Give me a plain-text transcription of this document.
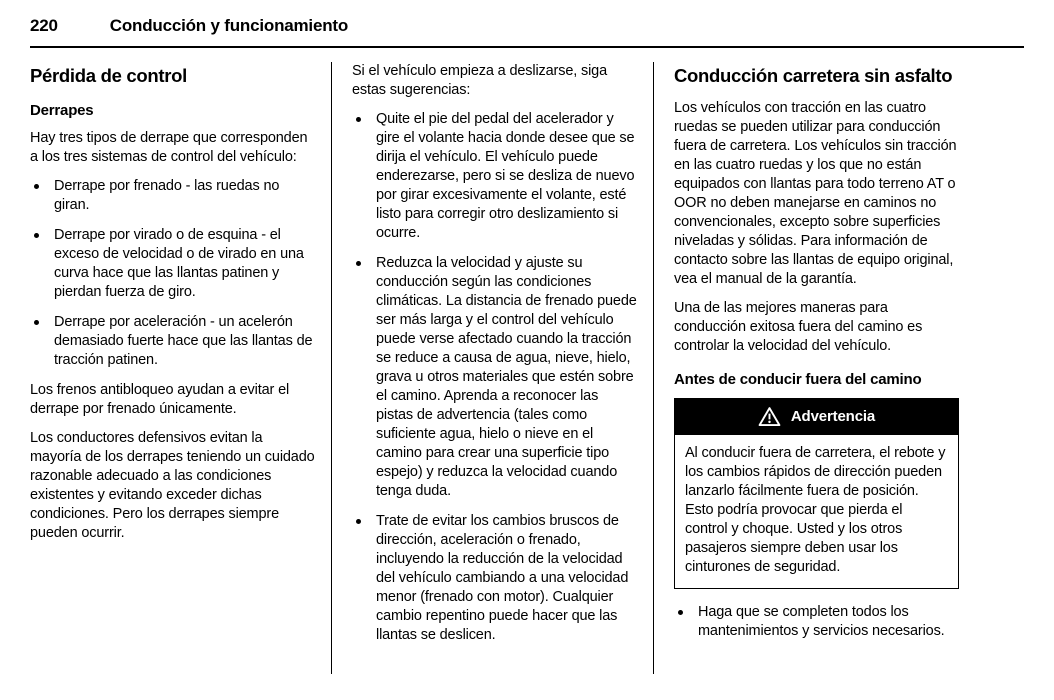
220	Conducción y funcionamiento
Pérdida de control
Derrapes
Hay tres tipos de derrape que corresponden a los tres sistemas de control del vehículo:
Derrape por frenado - las ruedas no giran.
Derrape por virado o de esquina - el exceso de velocidad o de virado en una curva hace que las llantas patinen y pierdan fuerza de giro.
Derrape por aceleración - un acelerón demasiado fuerte hace que las llantas de tracción patinen.
Los frenos antibloqueo ayudan a evitar el derrape por frenado únicamente.
Los conductores defensivos evitan la mayoría de los derrapes teniendo un cuidado razonable adecuado a las condiciones existentes y evitando exceder dichas condiciones. Pero los derrapes siempre pueden ocurrir.
Si el vehículo empieza a deslizarse, siga estas sugerencias:
Quite el pie del pedal del acelerador y gire el volante hacia donde desee que se dirija el vehículo. El vehículo puede enderezarse, pero si se desliza de nuevo por girar excesivamente el volante, esté listo para corregir otro deslizamiento si ocurre.
Reduzca la velocidad y ajuste su conducción según las condiciones climáticas. La distancia de frenado puede ser más larga y el control del vehículo puede verse afectado cuando la tracción se reduce a causa de agua, nieve, hielo, grava u otros materiales que estén sobre el camino. Aprenda a reconocer las pistas de advertencia (tales como suficiente agua, hielo o nieve en el camino para crear una superficie tipo espejo) y reduzca la velocidad cuando tenga duda.
Trate de evitar los cambios bruscos de dirección, aceleración o frenado, incluyendo la reducción de la velocidad del vehículo cambiando a una velocidad menor (frenado con motor). Cualquier cambio repentino puede hacer que las llantas se deslicen.
Conducción carretera sin asfalto
Los vehículos con tracción en las cuatro ruedas se pueden utilizar para conducción fuera de carretera. Los vehículos sin tracción en las cuatro ruedas y los que no están equipados con llantas para todo terreno AT o OOR no deben manejarse en caminos no convencionales, excepto sobre superficies niveladas y sólidas. Para información de contacto sobre las llantas de equipo original, vea el manual de la garantía.
Una de las mejores maneras para conducción exitosa fuera del camino es controlar la velocidad del vehículo.
Antes de conducir fuera del camino
Advertencia
Al conducir fuera de carretera, el rebote y los cambios rápidos de dirección pueden lanzarlo fácilmente fuera de posición. Esto podría provocar que pierda el control y choque. Usted y los otros pasajeros siempre deben usar los cinturones de seguridad.
Haga que se completen todos los mantenimientos y servicios necesarios.
